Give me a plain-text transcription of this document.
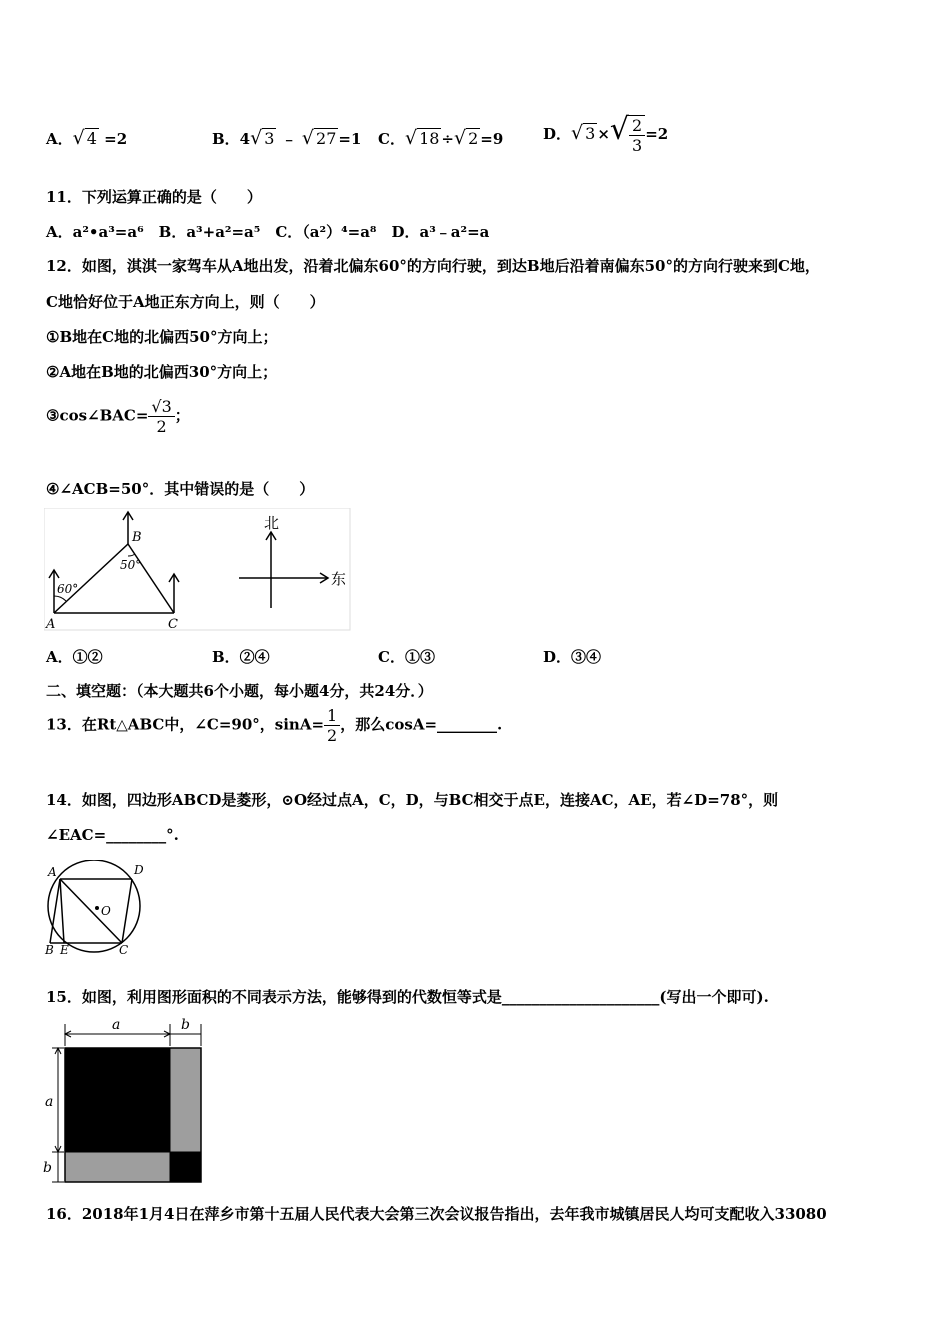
A．√ 4 =2	B．4√ 3 ﹣ √ 27 =1 C．√ 18 ÷√ 2 =9	D．√ 3 ×√ $\frac{2}{3} =2$
11．下列运算正确的是（　　）
A．a²•a³=a⁶　B．a³+a²=a⁵　C．（a²）⁴=a⁸　D．a³﹣a²=a
12．如图，淇淇一家驾车从A地出发，沿着北偏东60°的方向行驶，到达B地后沿着南偏东50°的方向行驶来到C地，
C地恰好位于A地正东方向上，则（　　）
①B地在C地的北偏西50°方向上；
②A地在B地的北偏西30°方向上；
③cos∠BAC= $\frac{√3}{2}$ ；
④∠ACB=50°．其中错误的是（　　）
B
A	C
60°
50°
北
东
A．①②	B．②④	C．①③	D．③④
二、填空题：（本大题共6个小题，每小题4分，共24分．）
13．在Rt△ABC中，∠C=90°，$\sin A= \frac{1}{2}$ ，那么cosA=________.
14．如图，四边形ABCD是菱形，⊙O经过点A，C，D，与BC相交于点E，连接AC，AE，若∠D=78°，则
∠EAC=________°.
A	D
O
B E	C
15．如图，利用图形面积的不同表示方法，能够得到的代数恒等式是_____________________(写出一个即可).
a	b
a
b
16．2018年1月4日在萍乡市第十五届人民代表大会第三次会议报告指出，去年我市城镇居民人均可支配收入33080
